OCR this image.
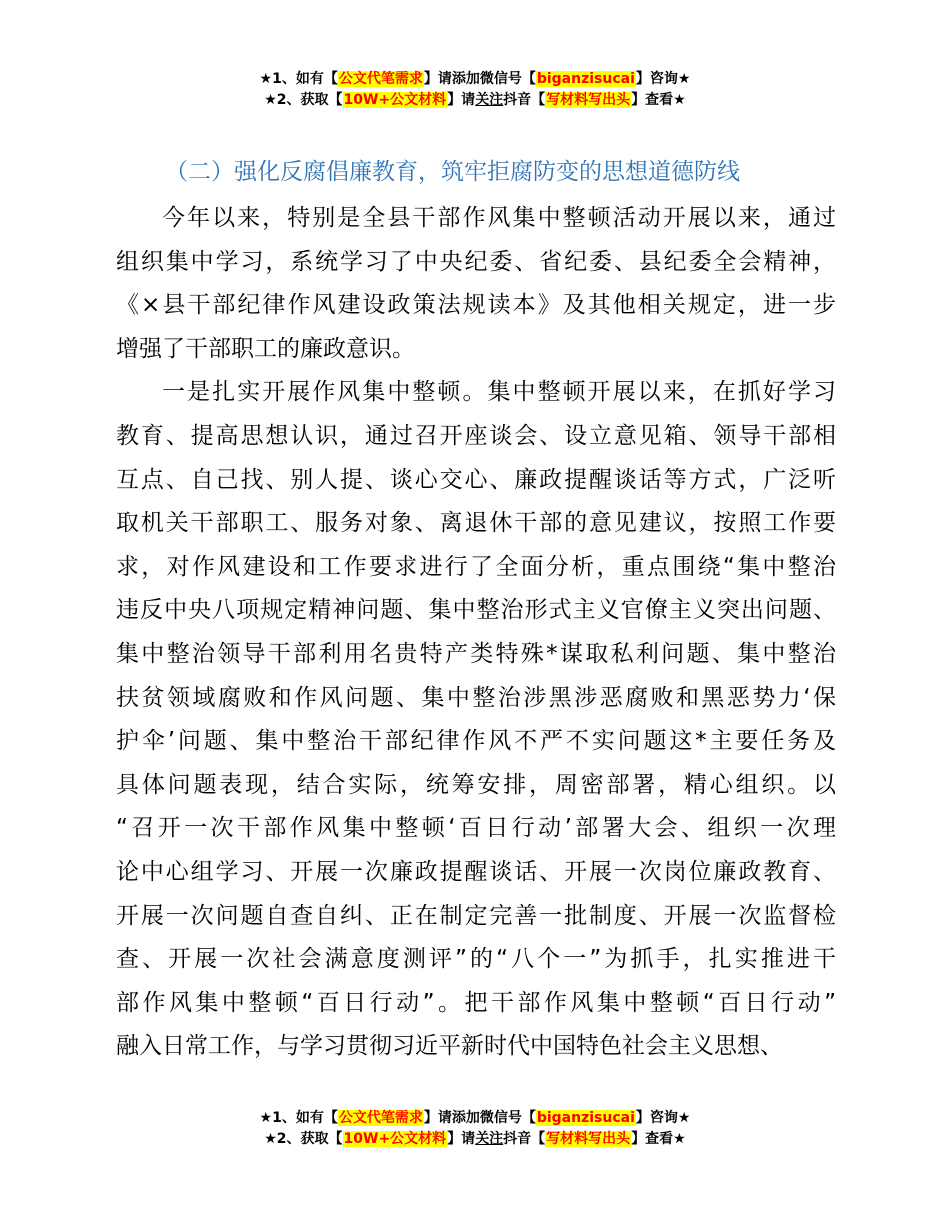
★1、如有【公文代笔需求】请添加微信号【biganzisucai】咨询★
★2、获取【10W+公文材料】请关注抖音【写材料写出头】查看★
（二）强化反腐倡廉教育，筑牢拒腐防变的思想道德防线
今年以来，特别是全县干部作风集中整顿活动开展以来，通过
组织集中学习，系统学习了中央纪委、省纪委、县纪委全会精神，
《×县干部纪律作风建设政策法规读本》及其他相关规定，进一步
增强了干部职工的廉政意识。
一是扎实开展作风集中整顿。集中整顿开展以来，在抓好学习
教育、提高思想认识，通过召开座谈会、设立意见箱、领导干部相
互点、自己找、别人提、谈心交心、廉政提醒谈话等方式，广泛听
取机关干部职工、服务对象、离退休干部的意见建议，按照工作要
求，对作风建设和工作要求进行了全面分析，重点围绕“集中整治
违反中央八项规定精神问题、集中整治形式主义官僚主义突出问题、
集中整治领导干部利用名贵特产类特殊*谋取私利问题、集中整治
扶贫领域腐败和作风问题、集中整治涉黑涉恶腐败和黑恶势力‘保
护伞’问题、集中整治干部纪律作风不严不实问题这*主要任务及
具体问题表现，结合实际，统筹安排，周密部署，精心组织。以
“召开一次干部作风集中整顿‘百日行动’部署大会、组织一次理
论中心组学习、开展一次廉政提醒谈话、开展一次岗位廉政教育、
开展一次问题自查自纠、正在制定完善一批制度、开展一次监督检
查、开展一次社会满意度测评”的“八个一”为抓手，扎实推进干
部作风集中整顿“百日行动”。把干部作风集中整顿“百日行动”
融入日常工作，与学习贯彻习近平新时代中国特色社会主义思想、
★1、如有【公文代笔需求】请添加微信号【biganzisucai】咨询★
★2、获取【10W+公文材料】请关注抖音【写材料写出头】查看★
